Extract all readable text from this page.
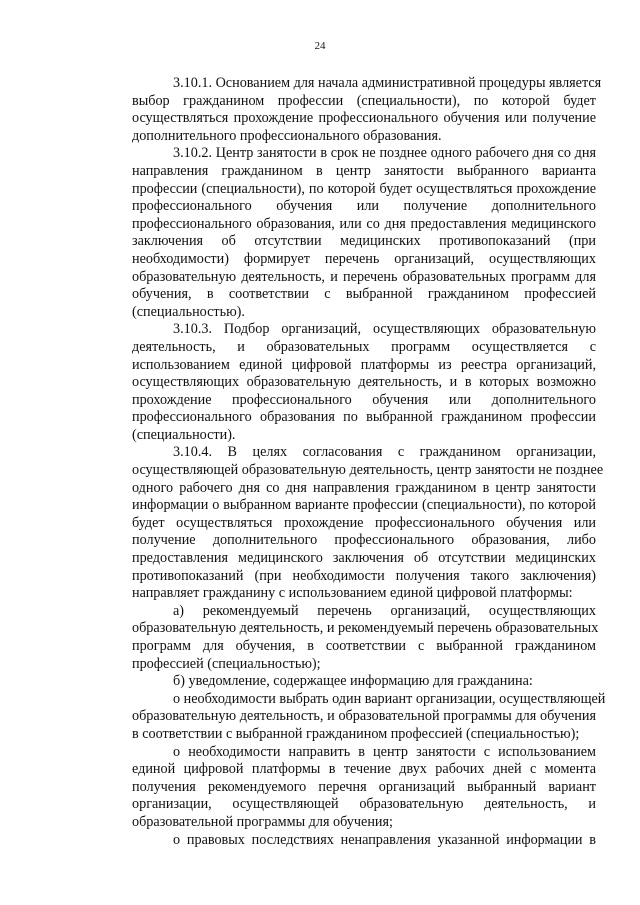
24
3.10.1. Основанием для начала административной процедуры является
выбор гражданином профессии (специальности), по которой будет
осуществляться прохождение профессионального обучения или получение
дополнительного профессионального образования.
3.10.2. Центр занятости в срок не позднее одного рабочего дня со дня
направления гражданином в центр занятости выбранного варианта
профессии (специальности), по которой будет осуществляться прохождение
профессионального обучения или получение дополнительного
профессионального образования, или со дня предоставления медицинского
заключения об отсутствии медицинских противопоказаний (при
необходимости) формирует перечень организаций, осуществляющих
образовательную деятельность, и перечень образовательных программ для
обучения, в соответствии с выбранной гражданином профессией
(специальностью).
3.10.3. Подбор организаций, осуществляющих образовательную
деятельность, и образовательных программ осуществляется с
использованием единой цифровой платформы из реестра организаций,
осуществляющих образовательную деятельность, и в которых возможно
прохождение профессионального обучения или дополнительного
профессионального образования по выбранной гражданином профессии
(специальности).
3.10.4. В целях согласования с гражданином организации,
осуществляющей образовательную деятельность, центр занятости не позднее
одного рабочего дня со дня направления гражданином в центр занятости
информации о выбранном варианте профессии (специальности), по которой
будет осуществляться прохождение профессионального обучения или
получение дополнительного профессионального образования, либо
предоставления медицинского заключения об отсутствии медицинских
противопоказаний (при необходимости получения такого заключения)
направляет гражданину с использованием единой цифровой платформы:
а) рекомендуемый перечень организаций, осуществляющих
образовательную деятельность, и рекомендуемый перечень образовательных
программ для обучения, в соответствии с выбранной гражданином
профессией (специальностью);
б) уведомление, содержащее информацию для гражданина:
о необходимости выбрать один вариант организации, осуществляющей
образовательную деятельность, и образовательной программы для обучения
в соответствии с выбранной гражданином профессией (специальностью);
о необходимости направить в центр занятости с использованием
единой цифровой платформы в течение двух рабочих дней с момента
получения рекомендуемого перечня организаций выбранный вариант
организации, осуществляющей образовательную деятельность, и
образовательной программы для обучения;
о правовых последствиях ненаправления указанной информации в
